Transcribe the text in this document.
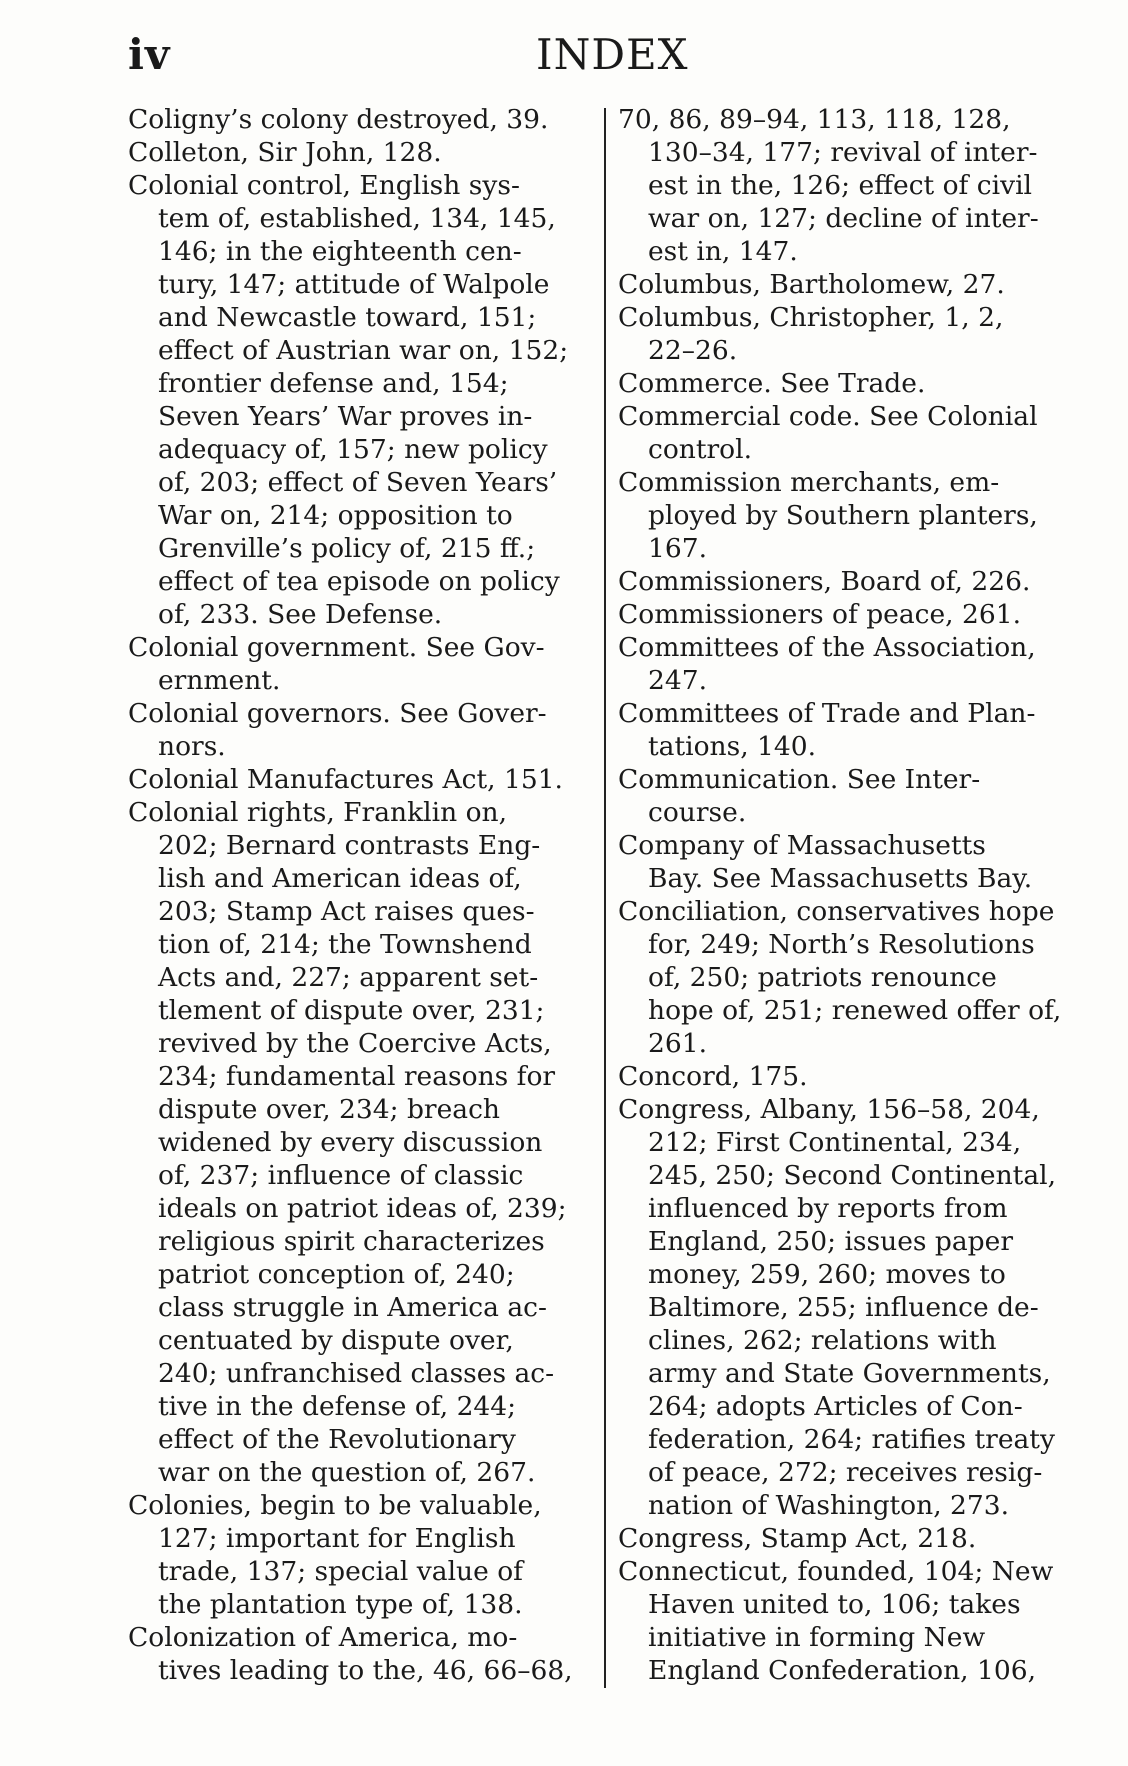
iv	INDEX
Coligny’s colony destroyed, 39.
Colleton, Sir John, 128.
Colonial control, English sys-
tem of, established, 134, 145,
146; in the eighteenth cen-
tury, 147; attitude of Walpole
and Newcastle toward, 151;
effect of Austrian war on, 152;
frontier defense and, 154;
Seven Years’ War proves in-
adequacy of, 157; new policy
of, 203; effect of Seven Years’
War on, 214; opposition to
Grenville’s policy of, 215 ff.;
effect of tea episode on policy
of, 233. See Defense.
Colonial government. See Gov-
ernment.
Colonial governors. See Gover-
nors.
Colonial Manufactures Act, 151.
Colonial rights, Franklin on,
202; Bernard contrasts Eng-
lish and American ideas of,
203; Stamp Act raises ques-
tion of, 214; the Townshend
Acts and, 227; apparent set-
tlement of dispute over, 231;
revived by the Coercive Acts,
234; fundamental reasons for
dispute over, 234; breach
widened by every discussion
of, 237; influence of classic
ideals on patriot ideas of, 239;
religious spirit characterizes
patriot conception of, 240;
class struggle in America ac-
centuated by dispute over,
240; unfranchised classes ac-
tive in the defense of, 244;
effect of the Revolutionary
war on the question of, 267.
Colonies, begin to be valuable,
127; important for English
trade, 137; special value of
the plantation type of, 138.
Colonization of America, mo-
tives leading to the, 46, 66–68,
70, 86, 89–94, 113, 118, 128,
130–34, 177; revival of inter-
est in the, 126; effect of civil
war on, 127; decline of inter-
est in, 147.
Columbus, Bartholomew, 27.
Columbus, Christopher, 1, 2,
22–26.
Commerce. See Trade.
Commercial code. See Colonial
control.
Commission merchants, em-
ployed by Southern planters,
167.
Commissioners, Board of, 226.
Commissioners of peace, 261.
Committees of the Association,
247.
Committees of Trade and Plan-
tations, 140.
Communication. See Inter-
course.
Company of Massachusetts
Bay. See Massachusetts Bay.
Conciliation, conservatives hope
for, 249; North’s Resolutions
of, 250; patriots renounce
hope of, 251; renewed offer of,
261.
Concord, 175.
Congress, Albany, 156–58, 204,
212; First Continental, 234,
245, 250; Second Continental,
influenced by reports from
England, 250; issues paper
money, 259, 260; moves to
Baltimore, 255; influence de-
clines, 262; relations with
army and State Governments,
264; adopts Articles of Con-
federation, 264; ratifies treaty
of peace, 272; receives resig-
nation of Washington, 273.
Congress, Stamp Act, 218.
Connecticut, founded, 104; New
Haven united to, 106; takes
initiative in forming New
England Confederation, 106,
